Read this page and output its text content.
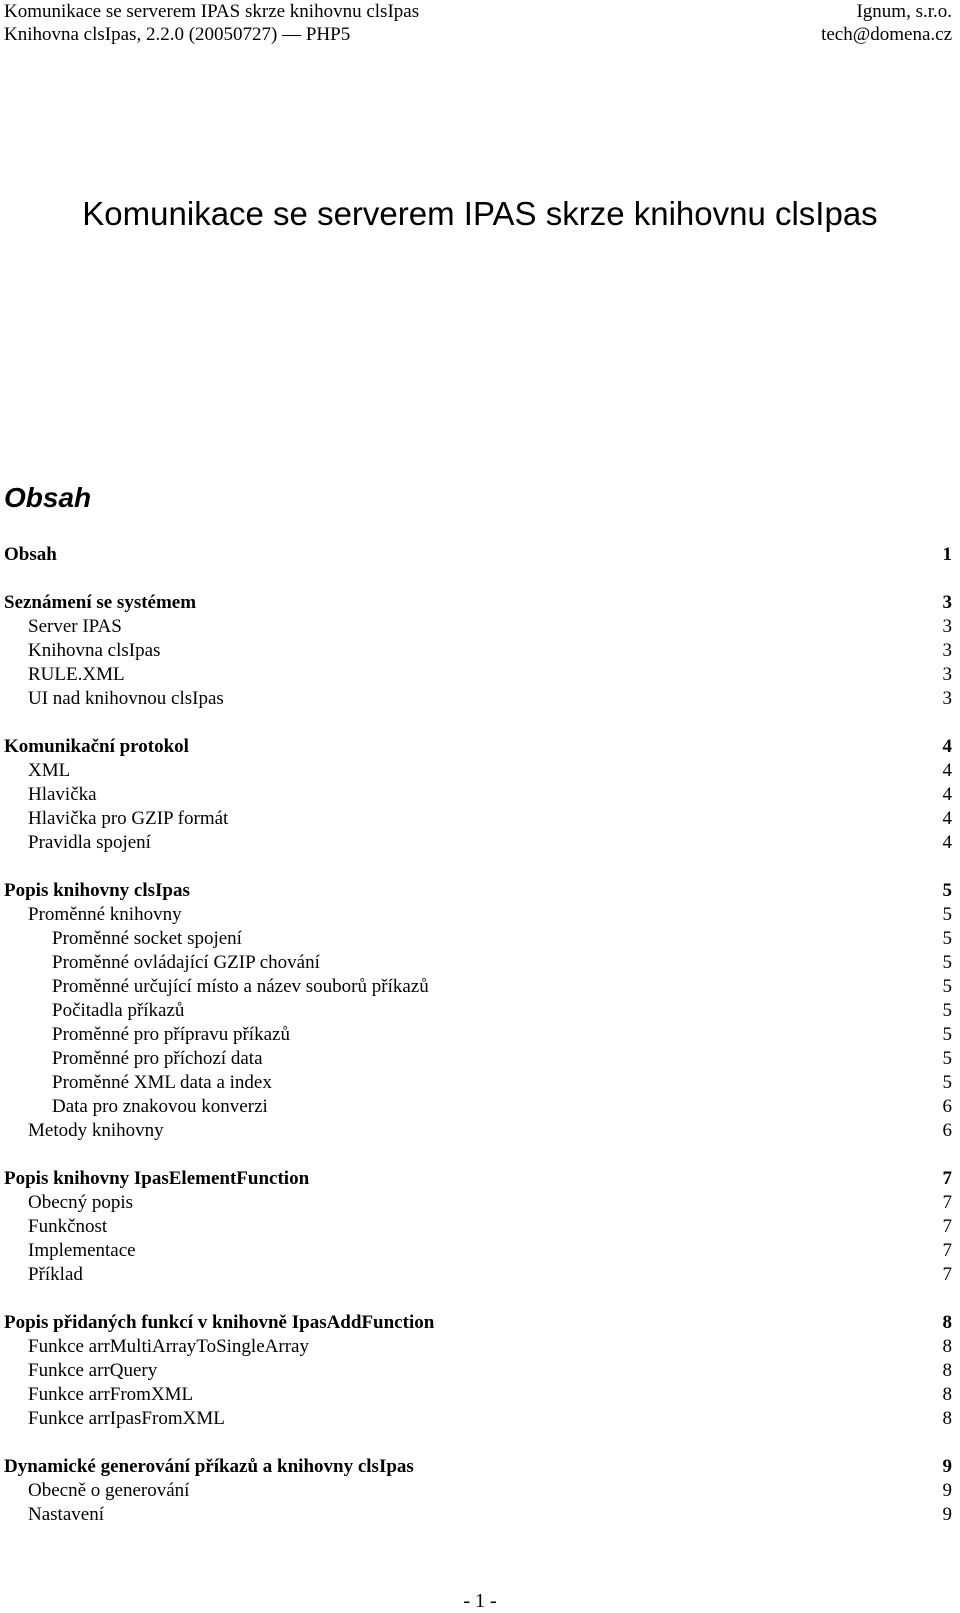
Komunikace se serverem IPAS skrze knihovnu clsIpas	Ignum, s.r.o.
Knihovna clsIpas, 2.2.0 (20050727) — PHP5	tech@domena.cz
Komunikace se serverem IPAS skrze knihovnu clsIpas
Obsah
Obsah	1
Seznámení se systémem	3
Server IPAS	3
Knihovna clsIpas	3
RULE.XML	3
UI nad knihovnou clsIpas	3
Komunikační protokol	4
XML	4
Hlavička	4
Hlavička pro GZIP formát	4
Pravidla spojení	4
Popis knihovny clsIpas	5
Proměnné knihovny	5
Proměnné socket spojení	5
Proměnné ovládající GZIP chování	5
Proměnné určující místo a název souborů příkazů	5
Počitadla příkazů	5
Proměnné pro přípravu příkazů	5
Proměnné pro příchozí data	5
Proměnné XML data a index	5
Data pro znakovou konverzi	6
Metody knihovny	6
Popis knihovny IpasElementFunction	7
Obecný popis	7
Funkčnost	7
Implementace	7
Příklad	7
Popis přidaných funkcí v knihovně IpasAddFunction	8
Funkce arrMultiArrayToSingleArray	8
Funkce arrQuery	8
Funkce arrFromXML	8
Funkce arrIpasFromXML	8
Dynamické generování příkazů a knihovny clsIpas	9
Obecně o generování	9
Nastavení	9
- 1 -
